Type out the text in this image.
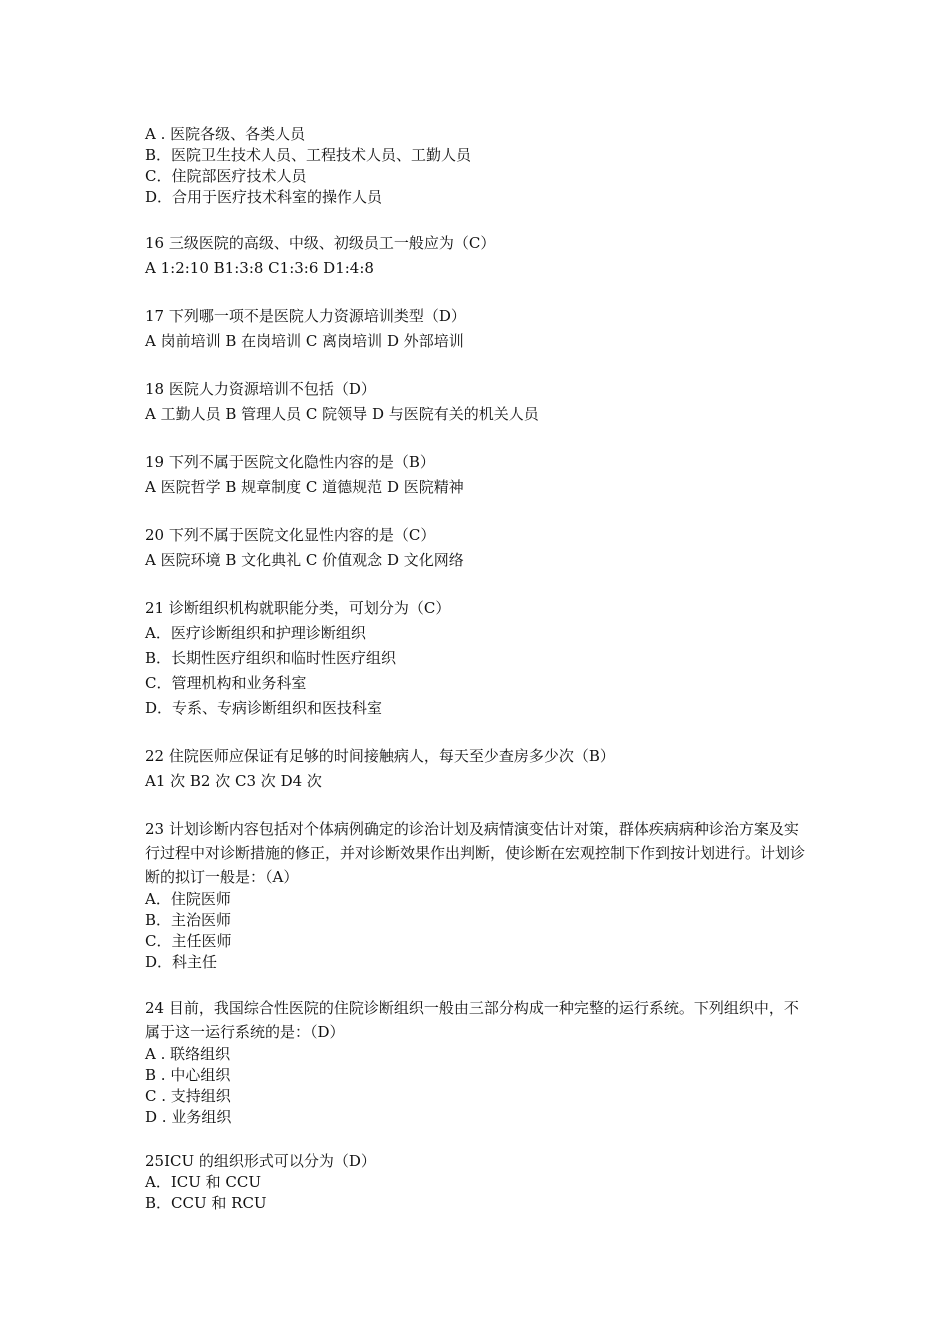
A . 医院各级、各类人员
B．医院卫生技术人员、工程技术人员、工勤人员
C．住院部医疗技术人员
D．合用于医疗技术科室的操作人员
16 三级医院的高级、中级、初级员工一般应为（C）
A 1:2:10 B1:3:8 C1:3:6 D1:4:8
17 下列哪一项不是医院人力资源培训类型（D）
A 岗前培训 B 在岗培训 C 离岗培训 D 外部培训
18 医院人力资源培训不包括（D）
A 工勤人员 B 管理人员 C 院领导 D 与医院有关的机关人员
19 下列不属于医院文化隐性内容的是（B）
A 医院哲学 B 规章制度 C 道德规范 D 医院精神
20 下列不属于医院文化显性内容的是（C）
A 医院环境 B 文化典礼 C 价值观念 D 文化网络
21 诊断组织机构就职能分类，可划分为（C）
A．医疗诊断组织和护理诊断组织
B．长期性医疗组织和临时性医疗组织
C．管理机构和业务科室
D．专系、专病诊断组织和医技科室
22 住院医师应保证有足够的时间接触病人，每天至少查房多少次（B）
A1 次 B2 次 C3 次 D4 次
23 计划诊断内容包括对个体病例确定的诊治计划及病情演变估计对策，群体疾病病种诊治方案及实行过程中对诊断措施的修正，并对诊断效果作出判断，使诊断在宏观控制下作到按计划进行。计划诊断的拟订一般是：（A）
A．住院医师
B．主治医师
C．主任医师
D．科主任
24 目前，我国综合性医院的住院诊断组织一般由三部分构成一种完整的运行系统。下列组织中，不属于这一运行系统的是：（D）
A . 联络组织
B . 中心组织
C . 支持组织
D . 业务组织
25ICU 的组织形式可以分为（D）
A．ICU 和 CCU
B．CCU 和 RCU
